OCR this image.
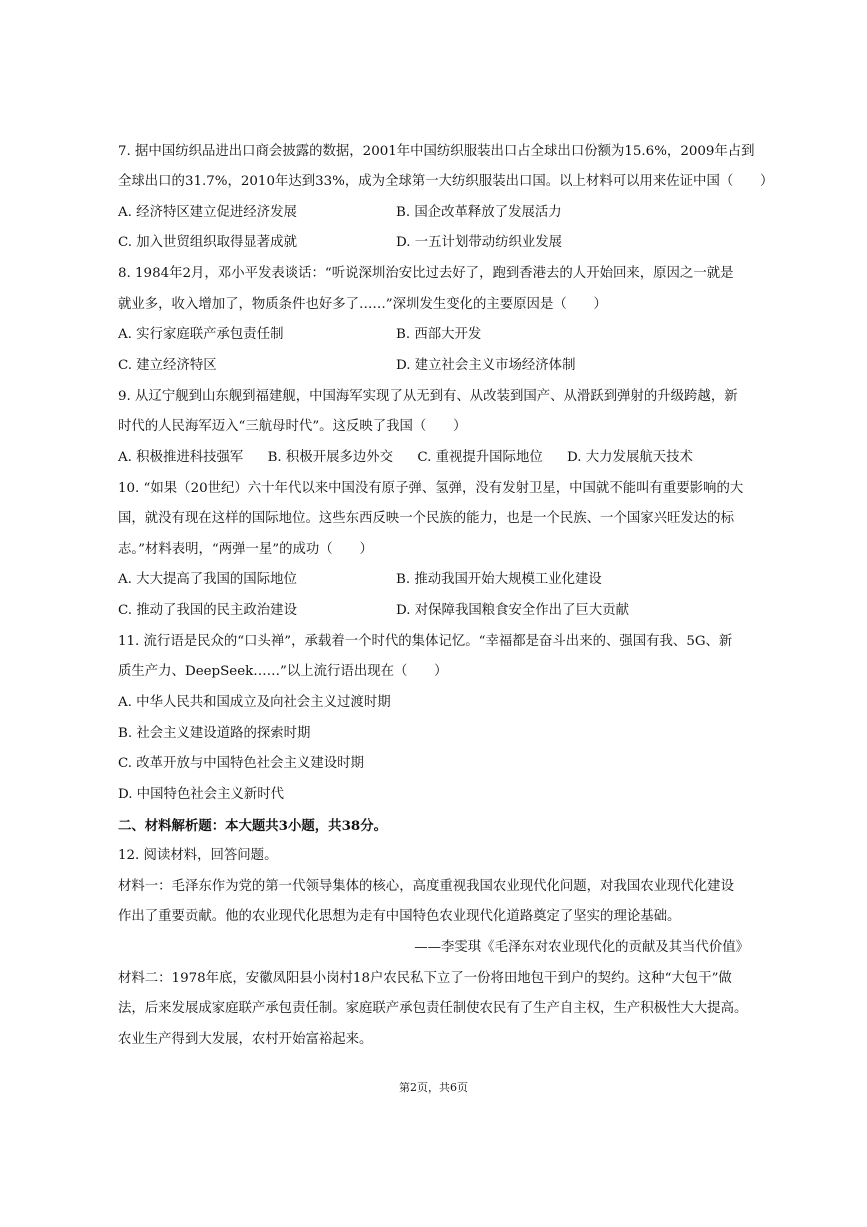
7. 据中国纺织品进出口商会披露的数据，2001年中国纺织服装出口占全球出口份额为15.6%，2009年占到
全球出口的31.7%，2010年达到33%，成为全球第一大纺织服装出口国。以上材料可以用来佐证中国（　　）
A. 经济特区建立促进经济发展	B. 国企改革释放了发展活力
C. 加入世贸组织取得显著成就	D. 一五计划带动纺织业发展
8. 1984年2月，邓小平发表谈话：“听说深圳治安比过去好了，跑到香港去的人开始回来，原因之一就是
就业多，收入增加了，物质条件也好多了……”深圳发生变化的主要原因是（　　）
A. 实行家庭联产承包责任制	B. 西部大开发
C. 建立经济特区	D. 建立社会主义市场经济体制
9. 从辽宁舰到山东舰到福建舰，中国海军实现了从无到有、从改装到国产、从滑跃到弹射的升级跨越，新
时代的人民海军迈入“三航母时代”。这反映了我国（　　）
A. 积极推进科技强军 B. 积极开展多边外交 C. 重视提升国际地位 D. 大力发展航天技术
10. “如果（20世纪）六十年代以来中国没有原子弹、氢弹，没有发射卫星，中国就不能叫有重要影响的大
国，就没有现在这样的国际地位。这些东西反映一个民族的能力，也是一个民族、一个国家兴旺发达的标
志。”材料表明，“两弹一星”的成功（　　）
A. 大大提高了我国的国际地位	B. 推动我国开始大规模工业化建设
C. 推动了我国的民主政治建设	D. 对保障我国粮食安全作出了巨大贡献
11. 流行语是民众的“口头禅”，承载着一个时代的集体记忆。“幸福都是奋斗出来的、强国有我、5G、新
质生产力、DeepSeek……”以上流行语出现在（　　）
A. 中华人民共和国成立及向社会主义过渡时期
B. 社会主义建设道路的探索时期
C. 改革开放与中国特色社会主义建设时期
D. 中国特色社会主义新时代
二、材料解析题：本大题共3小题，共38分。
12. 阅读材料，回答问题。
材料一：毛泽东作为党的第一代领导集体的核心，高度重视我国农业现代化问题，对我国农业现代化建设
作出了重要贡献。他的农业现代化思想为走有中国特色农业现代化道路奠定了坚实的理论基础。
——李雯琪《毛泽东对农业现代化的贡献及其当代价值》
材料二：1978年底，安徽凤阳县小岗村18户农民私下立了一份将田地包干到户的契约。这种“大包干”做
法，后来发展成家庭联产承包责任制。家庭联产承包责任制使农民有了生产自主权，生产积极性大大提高。
农业生产得到大发展，农村开始富裕起来。
第2页，共6页
